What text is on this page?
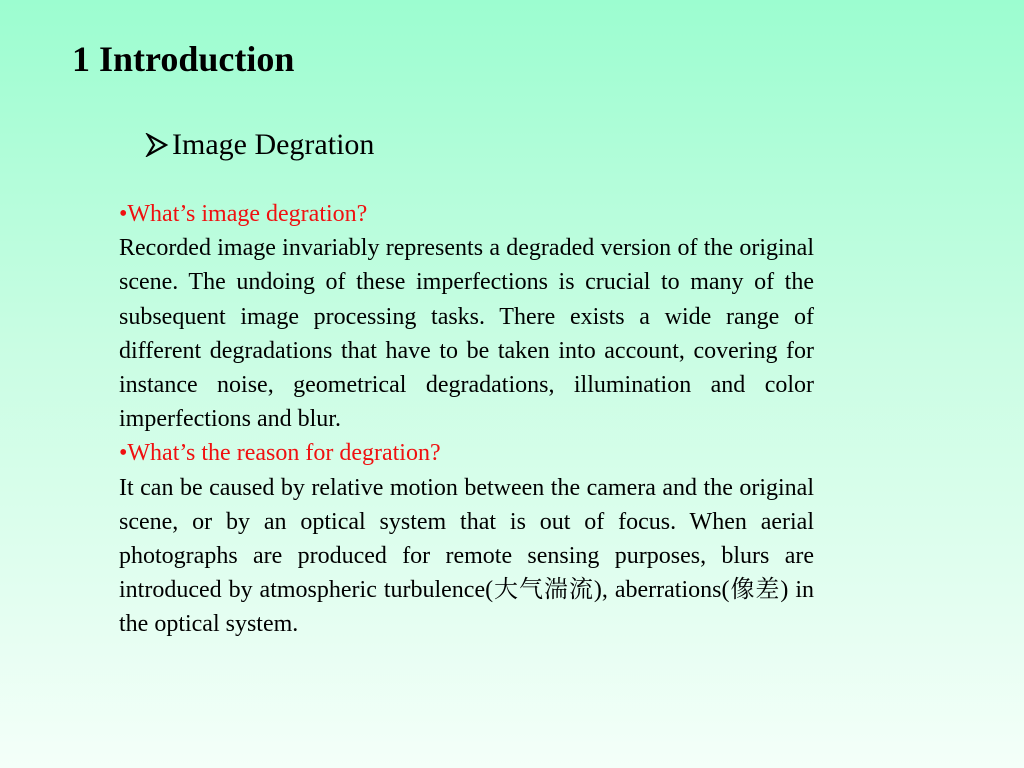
1 Introduction
Image Degration
•What’s image degration?
Recorded image invariably represents a degraded version of the original scene. The undoing of these imperfections is crucial to many of the subsequent image processing tasks. There exists a wide range of different degradations that have to be taken into account, covering for instance noise, geometrical degradations, illumination and color imperfections and blur.
•What’s the reason for degration?
It can be caused by relative motion between the camera and the original scene, or by an optical system that is out of focus. When aerial photographs are produced for remote sensing purposes, blurs are introduced by atmospheric turbulence(大气湍流), aberrations(像差) in the optical system.
